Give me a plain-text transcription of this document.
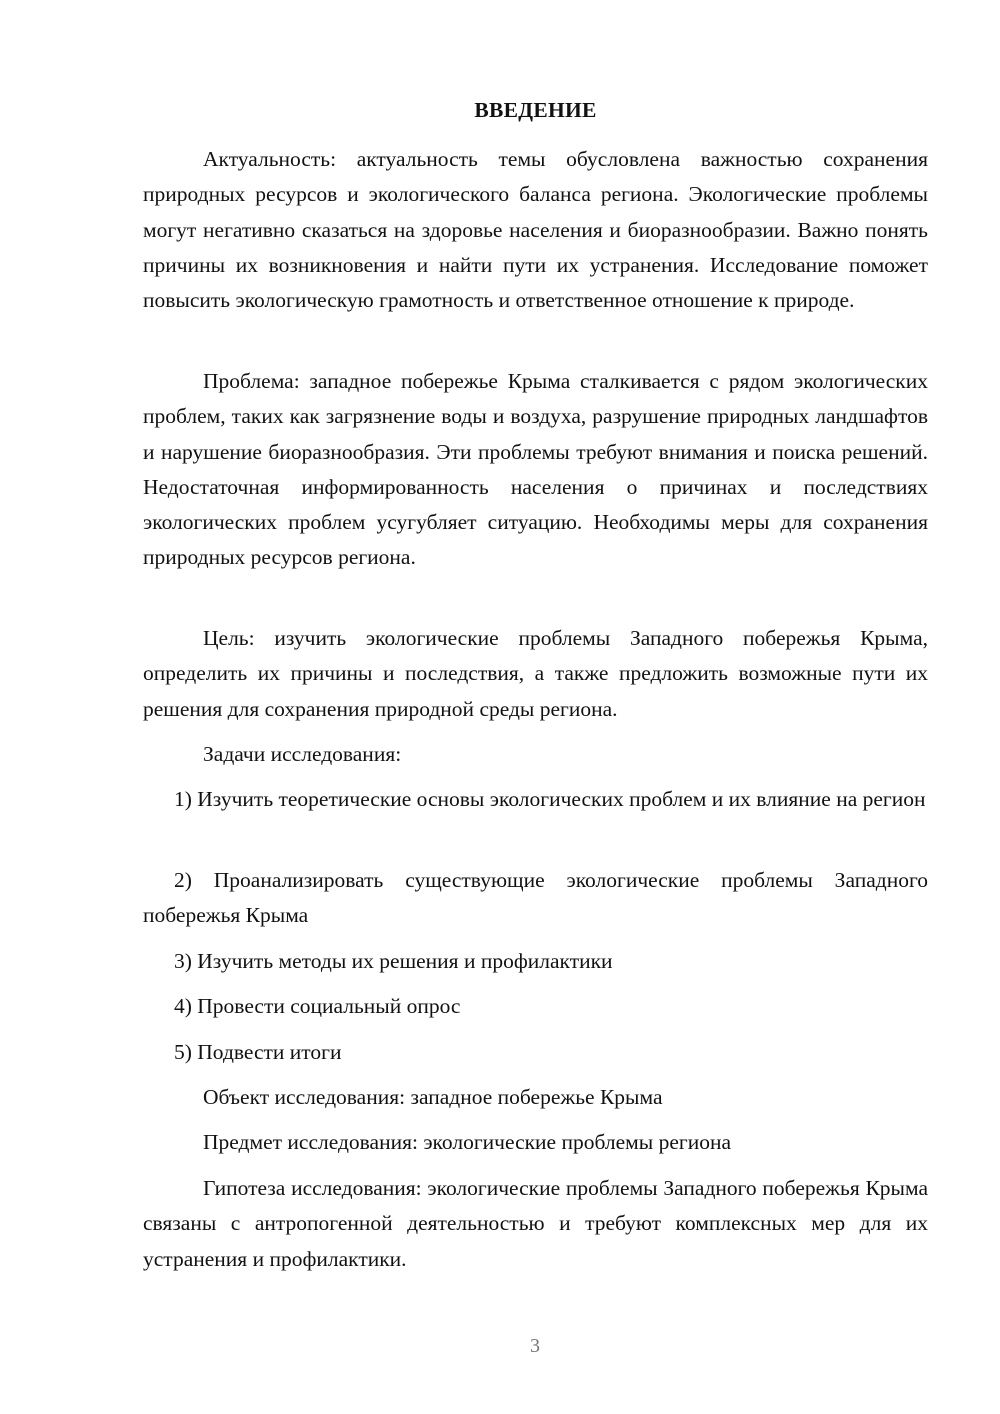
ВВЕДЕНИЕ

Актуальность: актуальность темы обусловлена важностью сохранения природных ресурсов и экологического баланса региона. Экологические проблемы могут негативно сказаться на здоровье населения и биоразнообразии. Важно понять причины их возникновения и найти пути их устранения. Исследование поможет повысить экологическую грамотность и ответственное отношение к природе.

Проблема: западное побережье Крыма сталкивается с рядом экологических проблем, таких как загрязнение воды и воздуха, разрушение природных ландшафтов и нарушение биоразнообразия. Эти проблемы требуют внимания и поиска решений. Недостаточная информированность населения о причинах и последствиях экологических проблем усугубляет ситуацию. Необходимы меры для сохранения природных ресурсов региона.

Цель: изучить экологические проблемы Западного побережья Крыма, определить их причины и последствия, а также предложить возможные пути их решения для сохранения природной среды региона.

Задачи исследования:

1) Изучить теоретические основы экологических проблем и их влияние на регион

2) Проанализировать существующие экологические проблемы Западного побережья Крыма

3) Изучить методы их решения и профилактики

4) Провести социальный опрос

5) Подвести итоги

Объект исследования: западное побережье Крыма

Предмет исследования: экологические проблемы региона

Гипотеза исследования: экологические проблемы Западного побережья Крыма связаны с антропогенной деятельностью и требуют комплексных мер для их устранения и профилактики.

3
